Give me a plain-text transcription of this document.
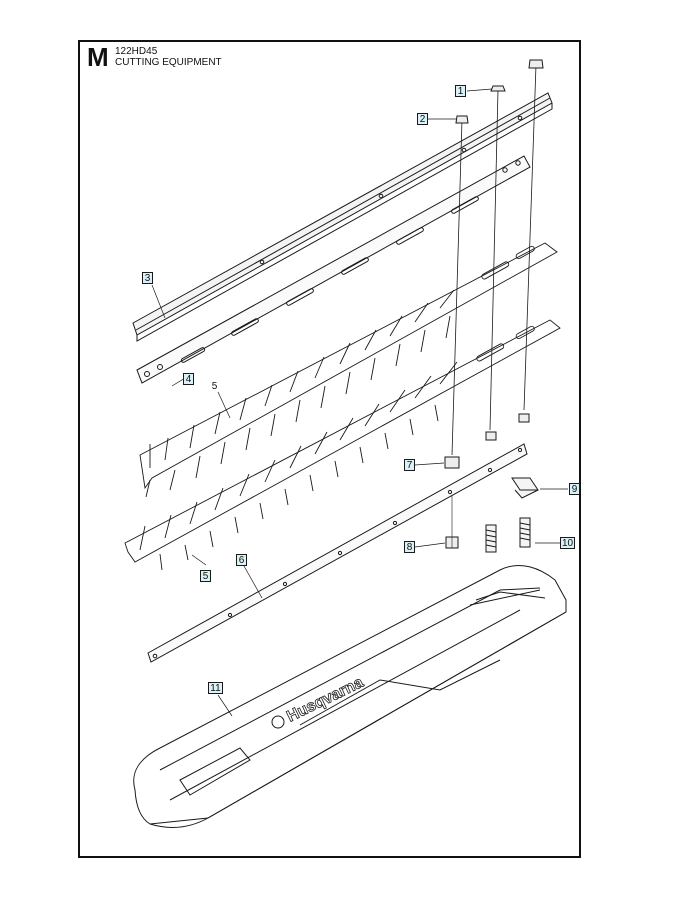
M 122HD45
CUTTING EQUIPMENT
Husqvarna
1
2
3
4
5
5
6
7
8
9
10
11
